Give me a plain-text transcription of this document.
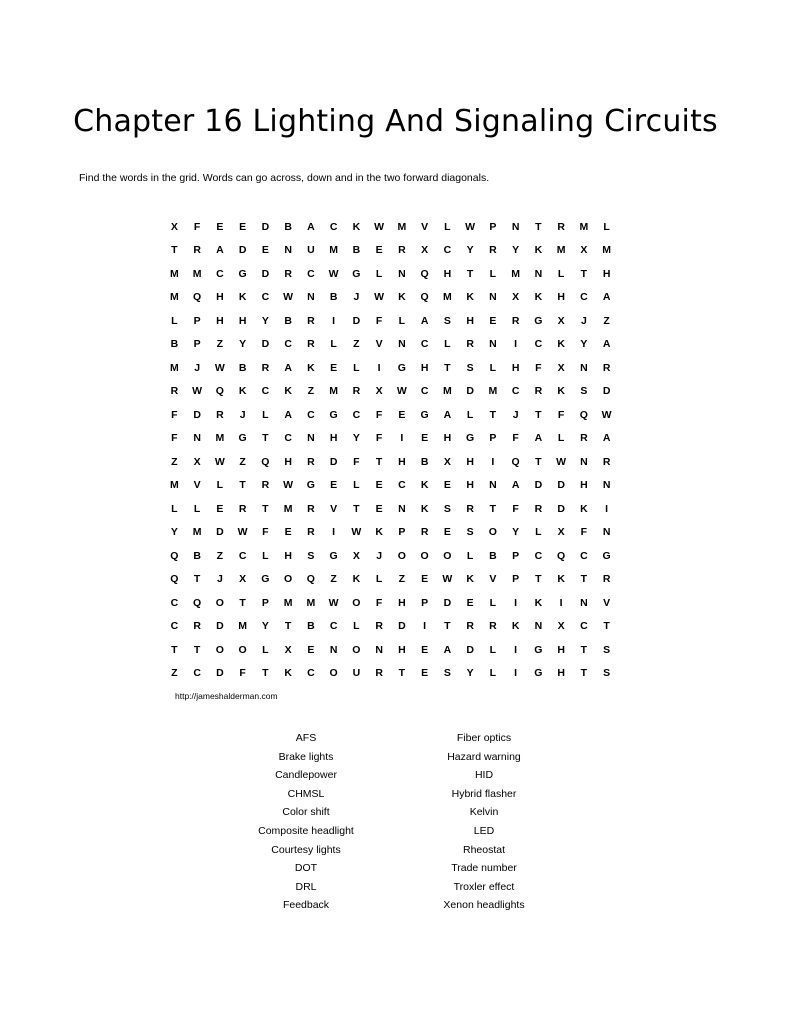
Chapter 16 Lighting And Signaling Circuits
Find the words in the grid. Words can go across, down and in the two forward diagonals.
X	F	E	E	D	B	A	C	K	W	M	V	L	W	P	N	T	R	M	L
T	R	A	D	E	N	U	M	B	E	R	X	C	Y	R	Y	K	M	X	M
M	M	C	G	D	R	C	W	G	L	N	Q	H	T	L	M	N	L	T	H
M	Q	H	K	C	W	N	B	J	W	K	Q	M	K	N	X	K	H	C	A
L	P	H	H	Y	B	R	I	D	F	L	A	S	H	E	R	G	X	J	Z
B	P	Z	Y	D	C	R	L	Z	V	N	C	L	R	N	I	C	K	Y	A
M	J	W	B	R	A	K	E	L	I	G	H	T	S	L	H	F	X	N	R
R	W	Q	K	C	K	Z	M	R	X	W	C	M	D	M	C	R	K	S	D
F	D	R	J	L	A	C	G	C	F	E	G	A	L	T	J	T	F	Q	W
F	N	M	G	T	C	N	H	Y	F	I	E	H	G	P	F	A	L	R	A
Z	X	W	Z	Q	H	R	D	F	T	H	B	X	H	I	Q	T	W	N	R
M	V	L	T	R	W	G	E	L	E	C	K	E	H	N	A	D	D	H	N
L	L	E	R	T	M	R	V	T	E	N	K	S	R	T	F	R	D	K	I
Y	M	D	W	F	E	R	I	W	K	P	R	E	S	O	Y	L	X	F	N
Q	B	Z	C	L	H	S	G	X	J	O	O	O	L	B	P	C	Q	C	G
Q	T	J	X	G	O	Q	Z	K	L	Z	E	W	K	V	P	T	K	T	R
C	Q	O	T	P	M	M	W	O	F	H	P	D	E	L	I	K	I	N	V
C	R	D	M	Y	T	B	C	L	R	D	I	T	R	R	K	N	X	C	T
T	T	O	O	L	X	E	N	O	N	H	E	A	D	L	I	G	H	T	S
Z	C	D	F	T	K	C	O	U	R	T	E	S	Y	L	I	G	H	T	S
http://jameshalderman.com
AFS
Brake lights
Candlepower
CHMSL
Color shift
Composite headlight
Courtesy lights
DOT
DRL
Feedback
Fiber optics
Hazard warning
HID
Hybrid flasher
Kelvin
LED
Rheostat
Trade number
Troxler effect
Xenon headlights
